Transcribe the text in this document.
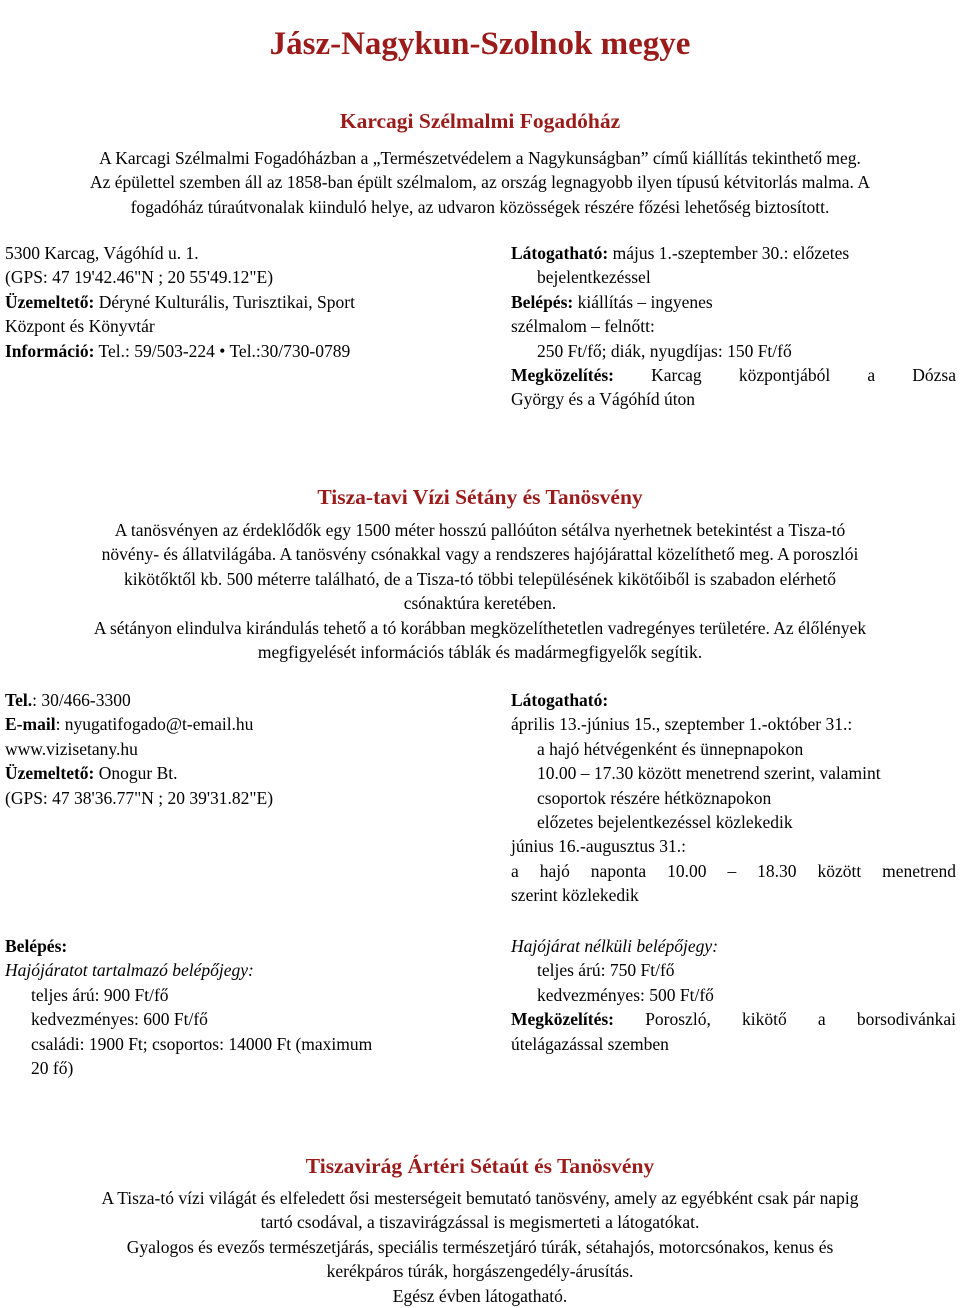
Jász-Nagykun-Szolnok megye
Karcagi Szélmalmi Fogadóház
A Karcagi Szélmalmi Fogadóházban a „Természetvédelem a Nagykunságban” című kiállítás tekinthető meg.
Az épülettel szemben áll az 1858-ban épült szélmalom, az ország legnagyobb ilyen típusú kétvitorlás malma. A
fogadóház túraútvonalak kiinduló helye, az udvaron közösségek részére főzési lehetőség biztosított.
5300 Karcag, Vágóhíd u. 1.
(GPS: 47 19'42.46"N ; 20 55'49.12"E)
Üzemeltető: Déryné Kulturális, Turisztikai, Sport
Központ és Könyvtár
Információ: Tel.: 59/503-224 • Tel.:30/730-0789
Látogatható: május 1.-szeptember 30.: előzetes
bejelentkezéssel
Belépés: kiállítás – ingyenes
szélmalom – felnőtt:
250 Ft/fő; diák, nyugdíjas: 150 Ft/fő
Megközelítés: Karcag központjából a Dózsa
György és a Vágóhíd úton
Tisza-tavi Vízi Sétány és Tanösvény
A tanösvényen az érdeklődők egy 1500 méter hosszú pallóúton sétálva nyerhetnek betekintést a Tisza-tó
növény- és állatvilágába. A tanösvény csónakkal vagy a rendszeres hajójárattal közelíthető meg. A poroszlói
kikötőktől kb. 500 méterre található, de a Tisza-tó többi településének kikötőiből is szabadon elérhető
csónaktúra keretében.
A sétányon elindulva kirándulás tehető a tó korábban megközelíthetetlen vadregényes területére. Az élőlények
megfigyelését információs táblák és madármegfigyelők segítik.
Tel.: 30/466-3300
E-mail: nyugatifogado@t-email.hu
www.vizisetany.hu
Üzemeltető: Onogur Bt.
(GPS: 47 38'36.77"N ; 20 39'31.82"E)
Belépés:
Hajójáratot tartalmazó belépőjegy:
teljes árú: 900 Ft/fő
kedvezményes: 600 Ft/fő
családi: 1900 Ft; csoportos: 14000 Ft (maximum
20 fő)
Látogatható:
április 13.-június 15., szeptember 1.-október 31.:
a hajó hétvégenként és ünnepnapokon
10.00 – 17.30 között menetrend szerint, valamint
csoportok részére hétköznapokon
előzetes bejelentkezéssel közlekedik
június 16.-augusztus 31.:
a hajó naponta 10.00 – 18.30 között menetrend
szerint közlekedik
Hajójárat nélküli belépőjegy:
teljes árú: 750 Ft/fő
kedvezményes: 500 Ft/fő
Megközelítés: Poroszló, kikötő a borsodivánkai
útelágazással szemben
Tiszavirág Ártéri Sétaút és Tanösvény
A Tisza-tó vízi világát és elfeledett ősi mesterségeit bemutató tanösvény, amely az egyébként csak pár napig
tartó csodával, a tiszavirágzással is megismerteti a látogatókat.
Gyalogos és evezős természetjárás, speciális természetjáró túrák, sétahajós, motorcsónakos, kenus és
kerékpáros túrák, horgászengedély-árusítás.
Egész évben látogatható.
